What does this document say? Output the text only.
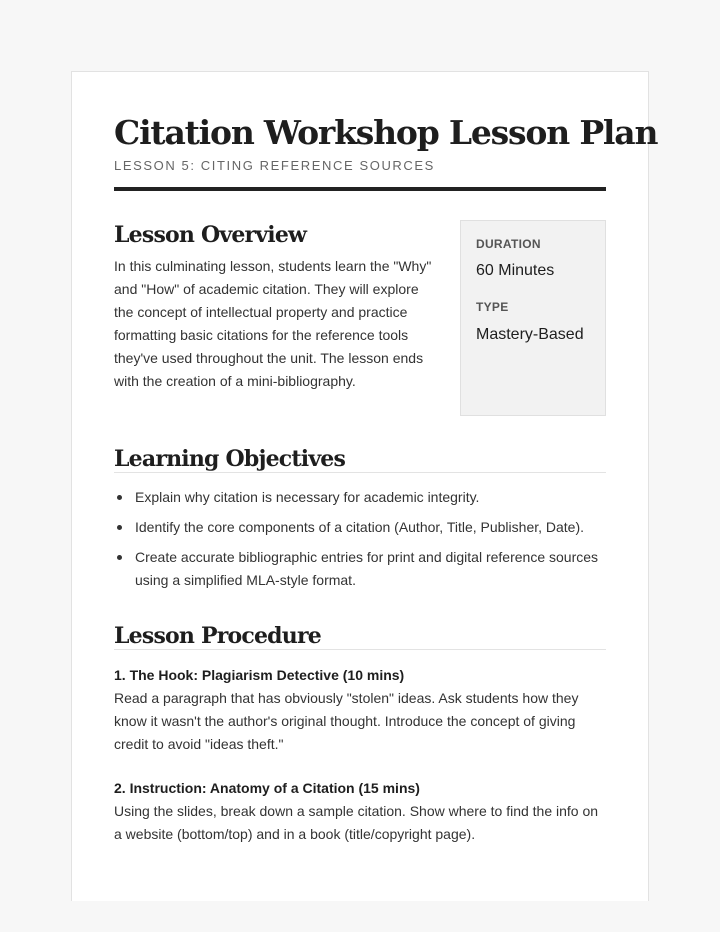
Citation Workshop Lesson Plan
LESSON 5: CITING REFERENCE SOURCES
Lesson Overview

In this culminating lesson, students learn the "Why" and "How" of academic citation. They will explore the concept of intellectual property and practice formatting basic citations for the reference tools they've used throughout the unit. The lesson ends with the creation of a mini-bibliography.

DURATION
60 Minutes
TYPE
Mastery-Based
Learning Objectives
Explain why citation is necessary for academic integrity.
Identify the core components of a citation (Author, Title, Publisher, Date).
Create accurate bibliographic entries for print and digital reference sources using a simplified MLA-style format.
Lesson Procedure
1. The Hook: Plagiarism Detective (10 mins)

Read a paragraph that has obviously "stolen" ideas. Ask students how they know it wasn't the author's original thought. Introduce the concept of giving credit to avoid "ideas theft."

2. Instruction: Anatomy of a Citation (15 mins)

Using the slides, break down a sample citation. Show where to find the info on a website (bottom/top) and in a book (title/copyright page).
